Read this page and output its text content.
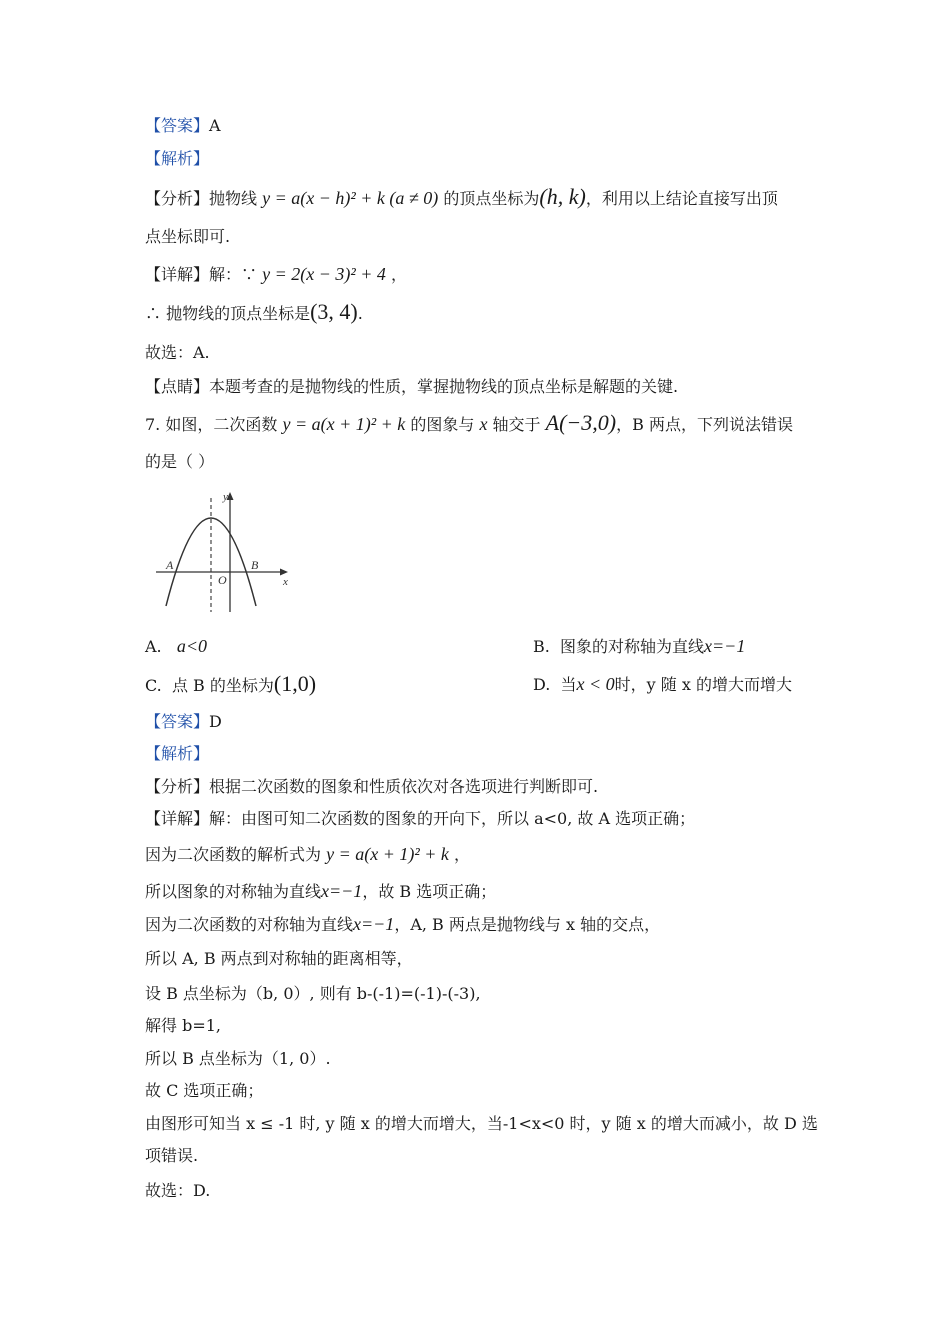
【答案】A
【解析】
【分析】抛物线 y = a(x − h)² + k (a ≠ 0) 的顶点坐标为(h, k)，利用以上结论直接写出顶
点坐标即可.
【详解】解：∵ y = 2(x − 3)² + 4 ，
∴ 抛物线的顶点坐标是(3, 4).
故选：A.
【点睛】本题考查的是抛物线的性质，掌握抛物线的顶点坐标是解题的关键.
7. 如图，二次函数 y = a(x + 1)² + k 的图象与 x 轴交于 A(−3,0)，B 两点，下列说法错误
的是（ ）
y
x
A	B
O
A. a<0	B. 图象的对称轴为直线x=−1
C. 点 B 的坐标为(1,0)	D. 当x < 0时，y 随 x 的增大而增大
【答案】D
【解析】
【分析】根据二次函数的图象和性质依次对各选项进行判断即可.
【详解】解：由图可知二次函数的图象的开向下，所以 a<0, 故 A 选项正确；
因为二次函数的解析式为 y = a(x + 1)² + k ，
所以图象的对称轴为直线x=−1，故 B 选项正确；
因为二次函数的对称轴为直线x=−1，A, B 两点是抛物线与 x 轴的交点，
所以 A, B 两点到对称轴的距离相等，
设 B 点坐标为（b, 0）, 则有 b-(-1)=(-1)-(-3),
解得 b=1,
所以 B 点坐标为（1, 0）.
故 C 选项正确；
由图形可知当 x ≤ -1 时, y 随 x 的增大而增大，当-1<x<0 时，y 随 x 的增大而减小，故 D 选
项错误.
故选：D.
